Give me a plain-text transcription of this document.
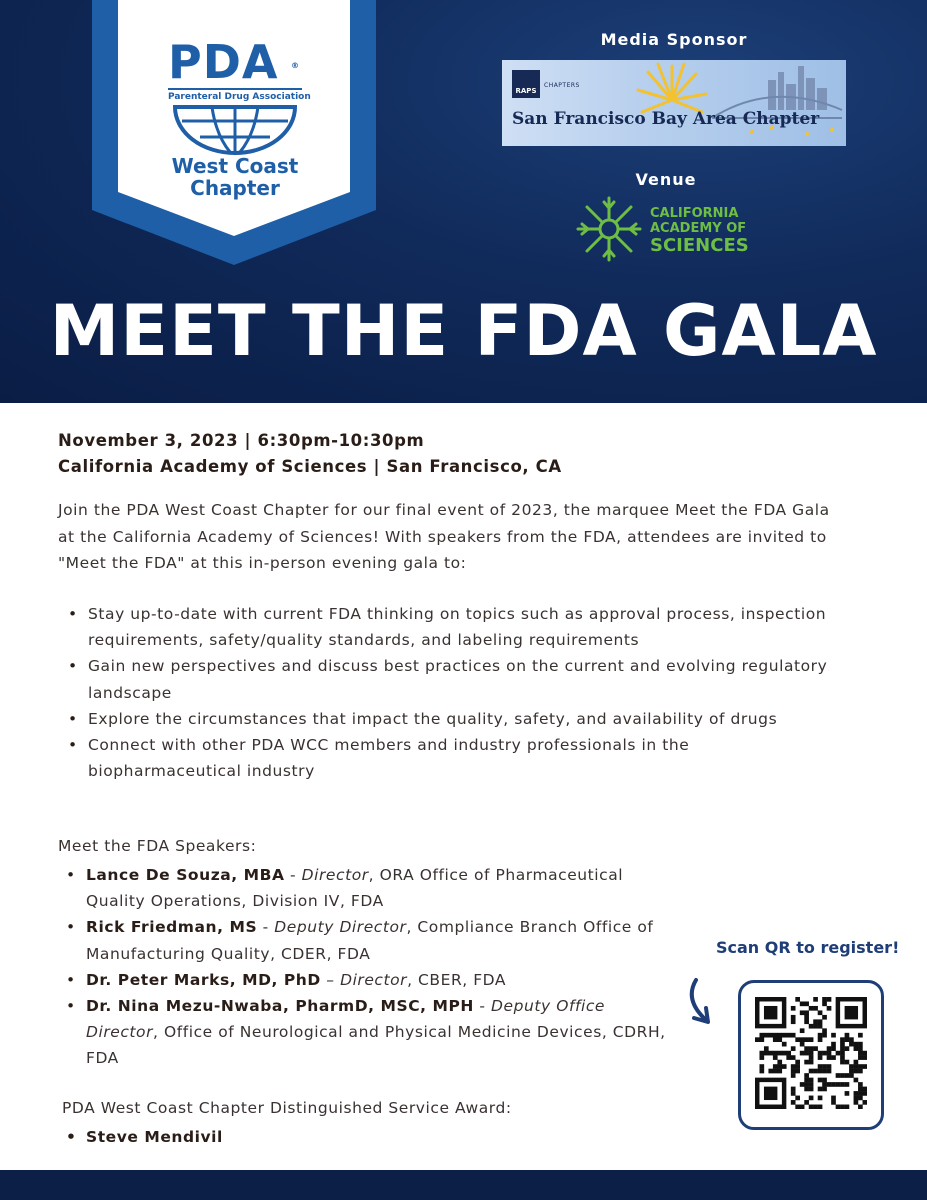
PDA ®
Parenteral Drug Association
West Coast Chapter
Media Sponsor
RAPS
CHAPTERS
San Francisco Bay Area Chapter
Venue
CALIFORNIA
ACADEMY OF
SCIENCES
MEET THE FDA GALA
November 3, 2023 | 6:30pm-10:30pm
California Academy of Sciences | San Francisco, CA

Join the PDA West Coast Chapter for our final event of 2023, the marquee Meet the FDA Gala at the California Academy of Sciences! With speakers from the FDA, attendees are invited to "Meet the FDA" at this in-person evening gala to:

• Stay up-to-date with current FDA thinking on topics such as approval process, inspection requirements, safety/quality standards, and labeling requirements
• Gain new perspectives and discuss best practices on the current and evolving regulatory landscape
• Explore the circumstances that impact the quality, safety, and availability of drugs
• Connect with other PDA WCC members and industry professionals in the biopharmaceutical industry
Meet the FDA Speakers:
• Lance De Souza, MBA - Director, ORA Office of Pharmaceutical Quality Operations, Division IV, FDA
• Rick Friedman, MS - Deputy Director, Compliance Branch Office of Manufacturing Quality, CDER, FDA
• Dr. Peter Marks, MD, PhD – Director, CBER, FDA
• Dr. Nina Mezu-Nwaba, PharmD, MSC, MPH - Deputy Office Director, Office of Neurological and Physical Medicine Devices, CDRH, FDA
PDA West Coast Chapter Distinguished Service Award:
• Steve Mendivil
Scan QR to register!
